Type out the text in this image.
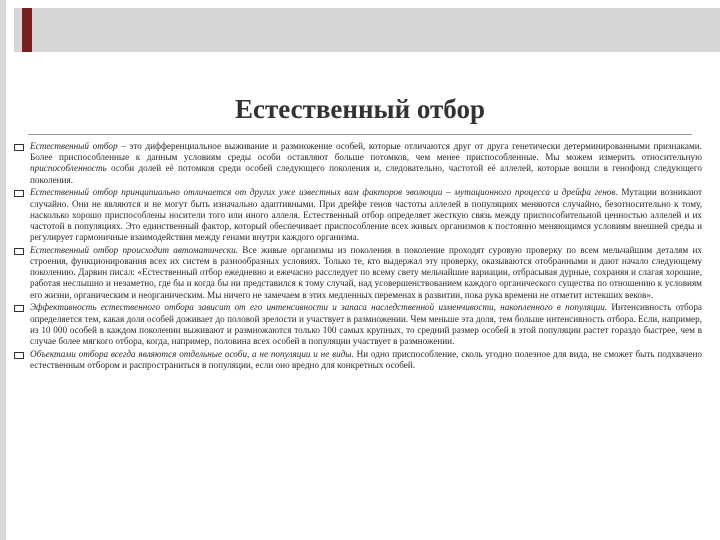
Естественный отбор
Естественный отбор – это дифференциальное выживание и размножение особей, которые отличаются друг от друга генетически детерминированными признаками. Более приспособленные к данным условиям среды особи оставляют больше потомков, чем менее приспособленные. Мы можем измерить относительную приспособленность особи долей её потомков среди особей следующего поколения и, следовательно, частотой её аллелей, которые вошли в генофонд следующего поколения.
Естественный отбор принципиально отличается от других уже известных вам факторов эволюции – мутационного процесса и дрейфа генов. Мутации возникают случайно. Они не являются и не могут быть изначально адаптивными. При дрейфе генов частоты аллелей в популяциях меняются случайно, безотносительно к тому, насколько хорошо приспособлены носители того или иного аллеля. Естественный отбор определяет жесткую связь между приспособительной ценностью аллелей и их частотой в популяциях. Это единственный фактор, который обеспечивает приспособление всех живых организмов к постоянно меняющимся условиям внешней среды и регулирует гармоничные взаимодействия между генами внутри каждого организма.
Естественный отбор происходит автоматически. Все живые организмы из поколения в поколение проходят суровую проверку по всем мельчайшим деталям их строения, функционирования всех их систем в разнообразных условиях. Только те, кто выдержал эту проверку, оказываются отобранными и дают начало следующему поколению. Дарвин писал: «Естественный отбор ежедневно и ежечасно расследует по всему свету мельчайшие вариации, отбрасывая дурные, сохраняя и слагая хорошие, работая неслышно и незаметно, где бы и когда бы ни представился к тому случай, над усовершенствованием каждого органического существа по отношению к условиям его жизни, органическим и неорганическим. Мы ничего не замечаем в этих медленных переменах в развитии, пока рука времени не отметит истекших веков».
Эффективность естественного отбора зависит от его интенсивности и запаса наследственной изменчивости, накопленного в популяции. Интенсивность отбора определяется тем, какая доля особей доживает до половой зрелости и участвует в размножении. Чем меньше эта доля, тем больше интенсивность отбора. Если, например, из 10 000 особей в каждом поколении выживают и размножаются только 100 самых крупных, то средний размер особей в этой популяции растет гораздо быстрее, чем в случае более мягкого отбора, когда, например, половина всех особей в популяции участвует в размножении.
Объектами отбора всегда являются отдельные особи, а не популяции и не виды. Ни одно приспособление, сколь угодно полезное для вида, не сможет быть подхвачено естественным отбором и распространиться в популяции, если оно вредно для конкретных особей.
